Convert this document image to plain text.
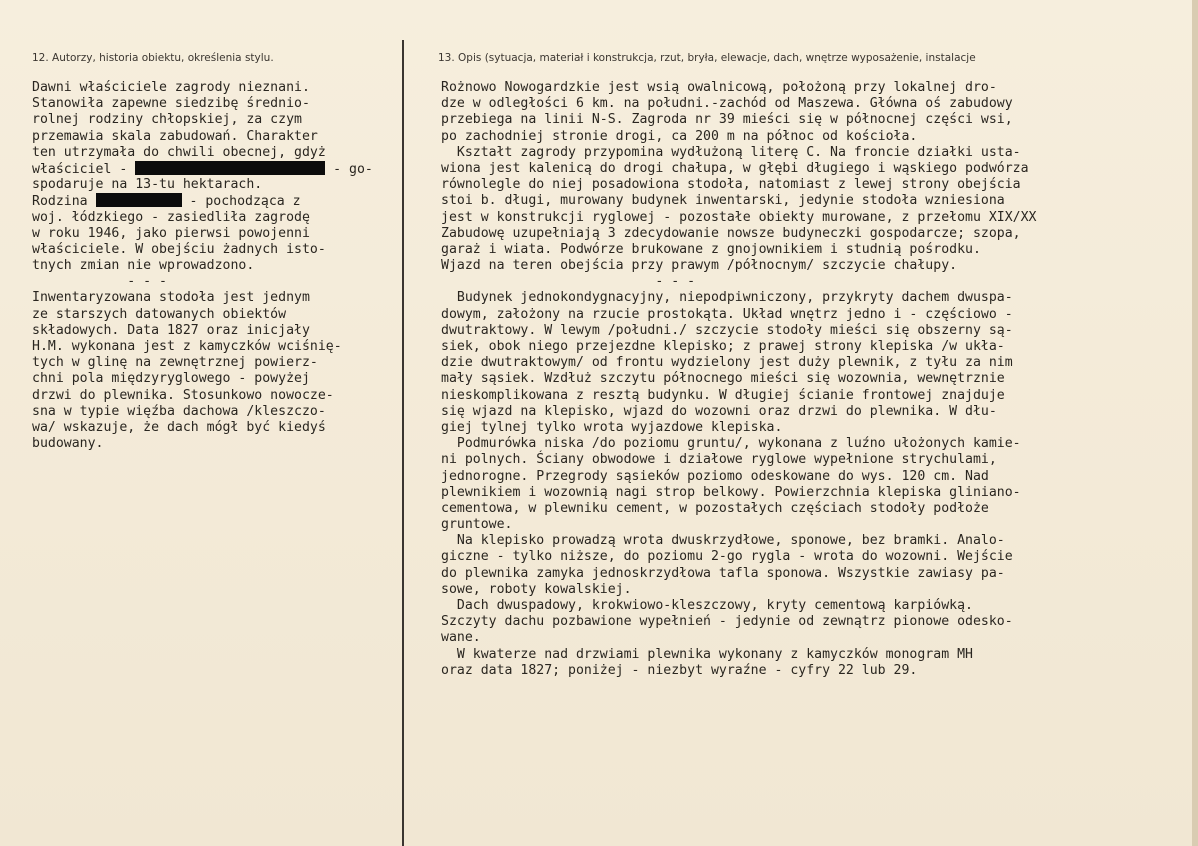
12. Autorzy, historia obiektu, określenia stylu.	13. Opis (sytuacja, materiał i konstrukcja, rzut, bryła, elewacje, dach, wnętrze wyposażenie, instalacje
Dawni właściciele zagrody nieznani.
Stanowiła zapewne siedzibę średnio-
rolnej rodziny chłopskiej, za czym
przemawia skala zabudowań. Charakter
ten utrzymała do chwili obecnej, gdyż
właściciel -	- go-
spodaruje na 13-tu hektarach.
Rodzina	- pochodząca z
woj. łódzkiego - zasiedliła zagrodę
w roku 1946, jako pierwsi powojenni
właściciele. W obejściu żadnych isto-
tnych zmian nie wprowadzono.
- - -
Inwentaryzowana stodoła jest jednym
ze starszych datowanych obiektów
składowych. Data 1827 oraz inicjały
H.M. wykonana jest z kamyczków wciśnię-
tych w glinę na zewnętrznej powierz-
chni pola międzyryglowego - powyżej
drzwi do plewnika. Stosunkowo nowocze-
sna w typie więźba dachowa /kleszczo-
wa/ wskazuje, że dach mógł być kiedyś
budowany.
Rożnowo Nowogardzkie jest wsią owalnicową, położoną przy lokalnej dro-
dze w odległości 6 km. na południ.-zachód od Maszewa. Główna oś zabudowy
przebiega na linii N-S. Zagroda nr 39 mieści się w północnej części wsi,
po zachodniej stronie drogi, ca 200 m na północ od kościoła.
Kształt zagrody przypomina wydłużoną literę C. Na froncie działki usta-
wiona jest kalenicą do drogi chałupa, w głębi długiego i wąskiego podwórza
równolegle do niej posadowiona stodoła, natomiast z lewej strony obejścia
stoi b. długi, murowany budynek inwentarski, jedynie stodoła wzniesiona
jest w konstrukcji ryglowej - pozostałe obiekty murowane, z przełomu XIX/XX
Zabudowę uzupełniają 3 zdecydowanie nowsze budyneczki gospodarcze; szopa,
garaż i wiata. Podwórze brukowane z gnojownikiem i studnią pośrodku.
Wjazd na teren obejścia przy prawym /północnym/ szczycie chałupy.
- - -
Budynek jednokondygnacyjny, niepodpiwniczony, przykryty dachem dwuspa-
dowym, założony na rzucie prostokąta. Układ wnętrz jedno i - częściowo -
dwutraktowy. W lewym /południ./ szczycie stodoły mieści się obszerny są-
siek, obok niego przejezdne klepisko; z prawej strony klepiska /w ukła-
dzie dwutraktowym/ od frontu wydzielony jest duży plewnik, z tyłu za nim
mały sąsiek. Wzdłuż szczytu północnego mieści się wozownia, wewnętrznie
nieskomplikowana z resztą budynku. W długiej ścianie frontowej znajduje
się wjazd na klepisko, wjazd do wozowni oraz drzwi do plewnika. W dłu-
giej tylnej tylko wrota wyjazdowe klepiska.
Podmurówka niska /do poziomu gruntu/, wykonana z luźno ułożonych kamie-
ni polnych. Ściany obwodowe i działowe ryglowe wypełnione strychulami,
jednorogne. Przegrody sąsieków poziomo odeskowane do wys. 120 cm. Nad
plewnikiem i wozownią nagi strop belkowy. Powierzchnia klepiska gliniano-
cementowa, w plewniku cement, w pozostałych częściach stodoły podłoże
gruntowe.
Na klepisko prowadzą wrota dwuskrzydłowe, sponowe, bez bramki. Analo-
giczne - tylko niższe, do poziomu 2-go rygla - wrota do wozowni. Wejście
do plewnika zamyka jednoskrzydłowa tafla sponowa. Wszystkie zawiasy pa-
sowe, roboty kowalskiej.
Dach dwuspadowy, krokwiowo-kleszczowy, kryty cementową karpiówką.
Szczyty dachu pozbawione wypełnień - jedynie od zewnątrz pionowe odesko-
wane.
W kwaterze nad drzwiami plewnika wykonany z kamyczków monogram MH
oraz data 1827; poniżej - niezbyt wyraźne - cyfry 22 lub 29.
